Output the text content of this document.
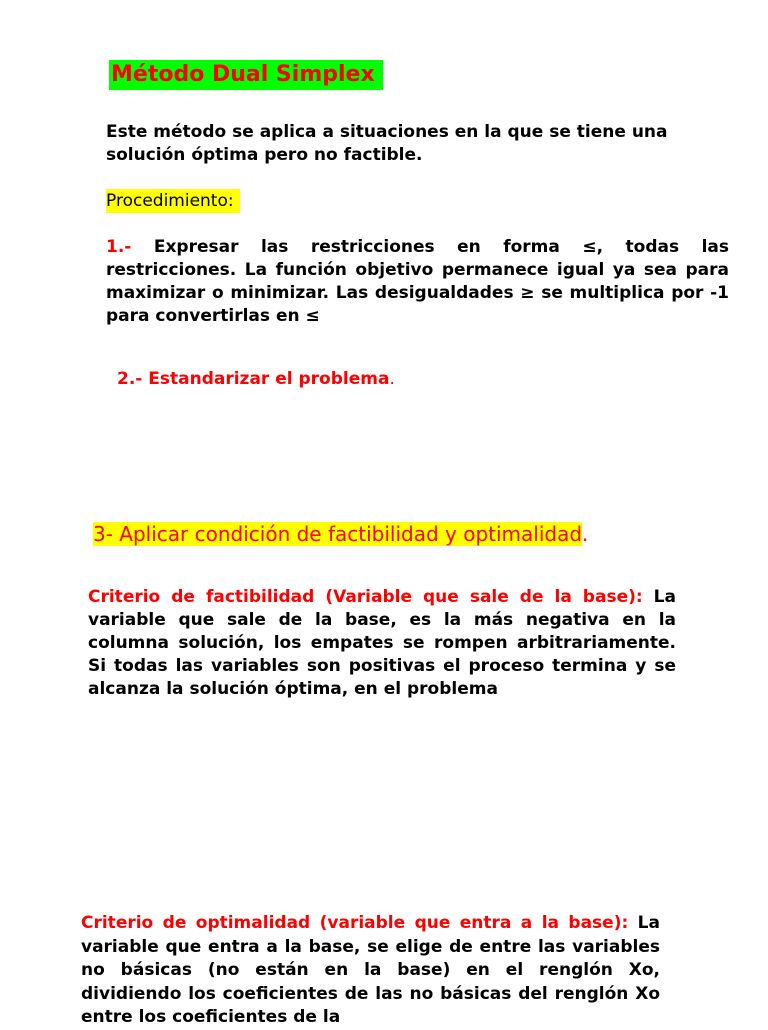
Método Dual Simplex
Este método se aplica a situaciones en la que se tiene una solución óptima pero no factible.
Procedimiento:
1.- Expresar las restricciones en forma ≤, todas las restricciones. La función objetivo permanece igual ya sea para maximizar o minimizar. Las desigualdades ≥ se multiplica por -1 para convertirlas en ≤
2.- Estandarizar el problema.
3- Aplicar condición de factibilidad y optimalidad.
Criterio de factibilidad (Variable que sale de la base): La variable que sale de la base, es la más negativa en la columna solución, los empates se rompen arbitrariamente. Si todas las variables son positivas el proceso termina y se alcanza la solución óptima, en el problema
Criterio de optimalidad (variable que entra a la base): La variable que entra a la base, se elige de entre las variables no básicas (no están en la base) en el renglón Xo, dividiendo los coeficientes de las no básicas del renglón Xo entre los coeficientes de la
